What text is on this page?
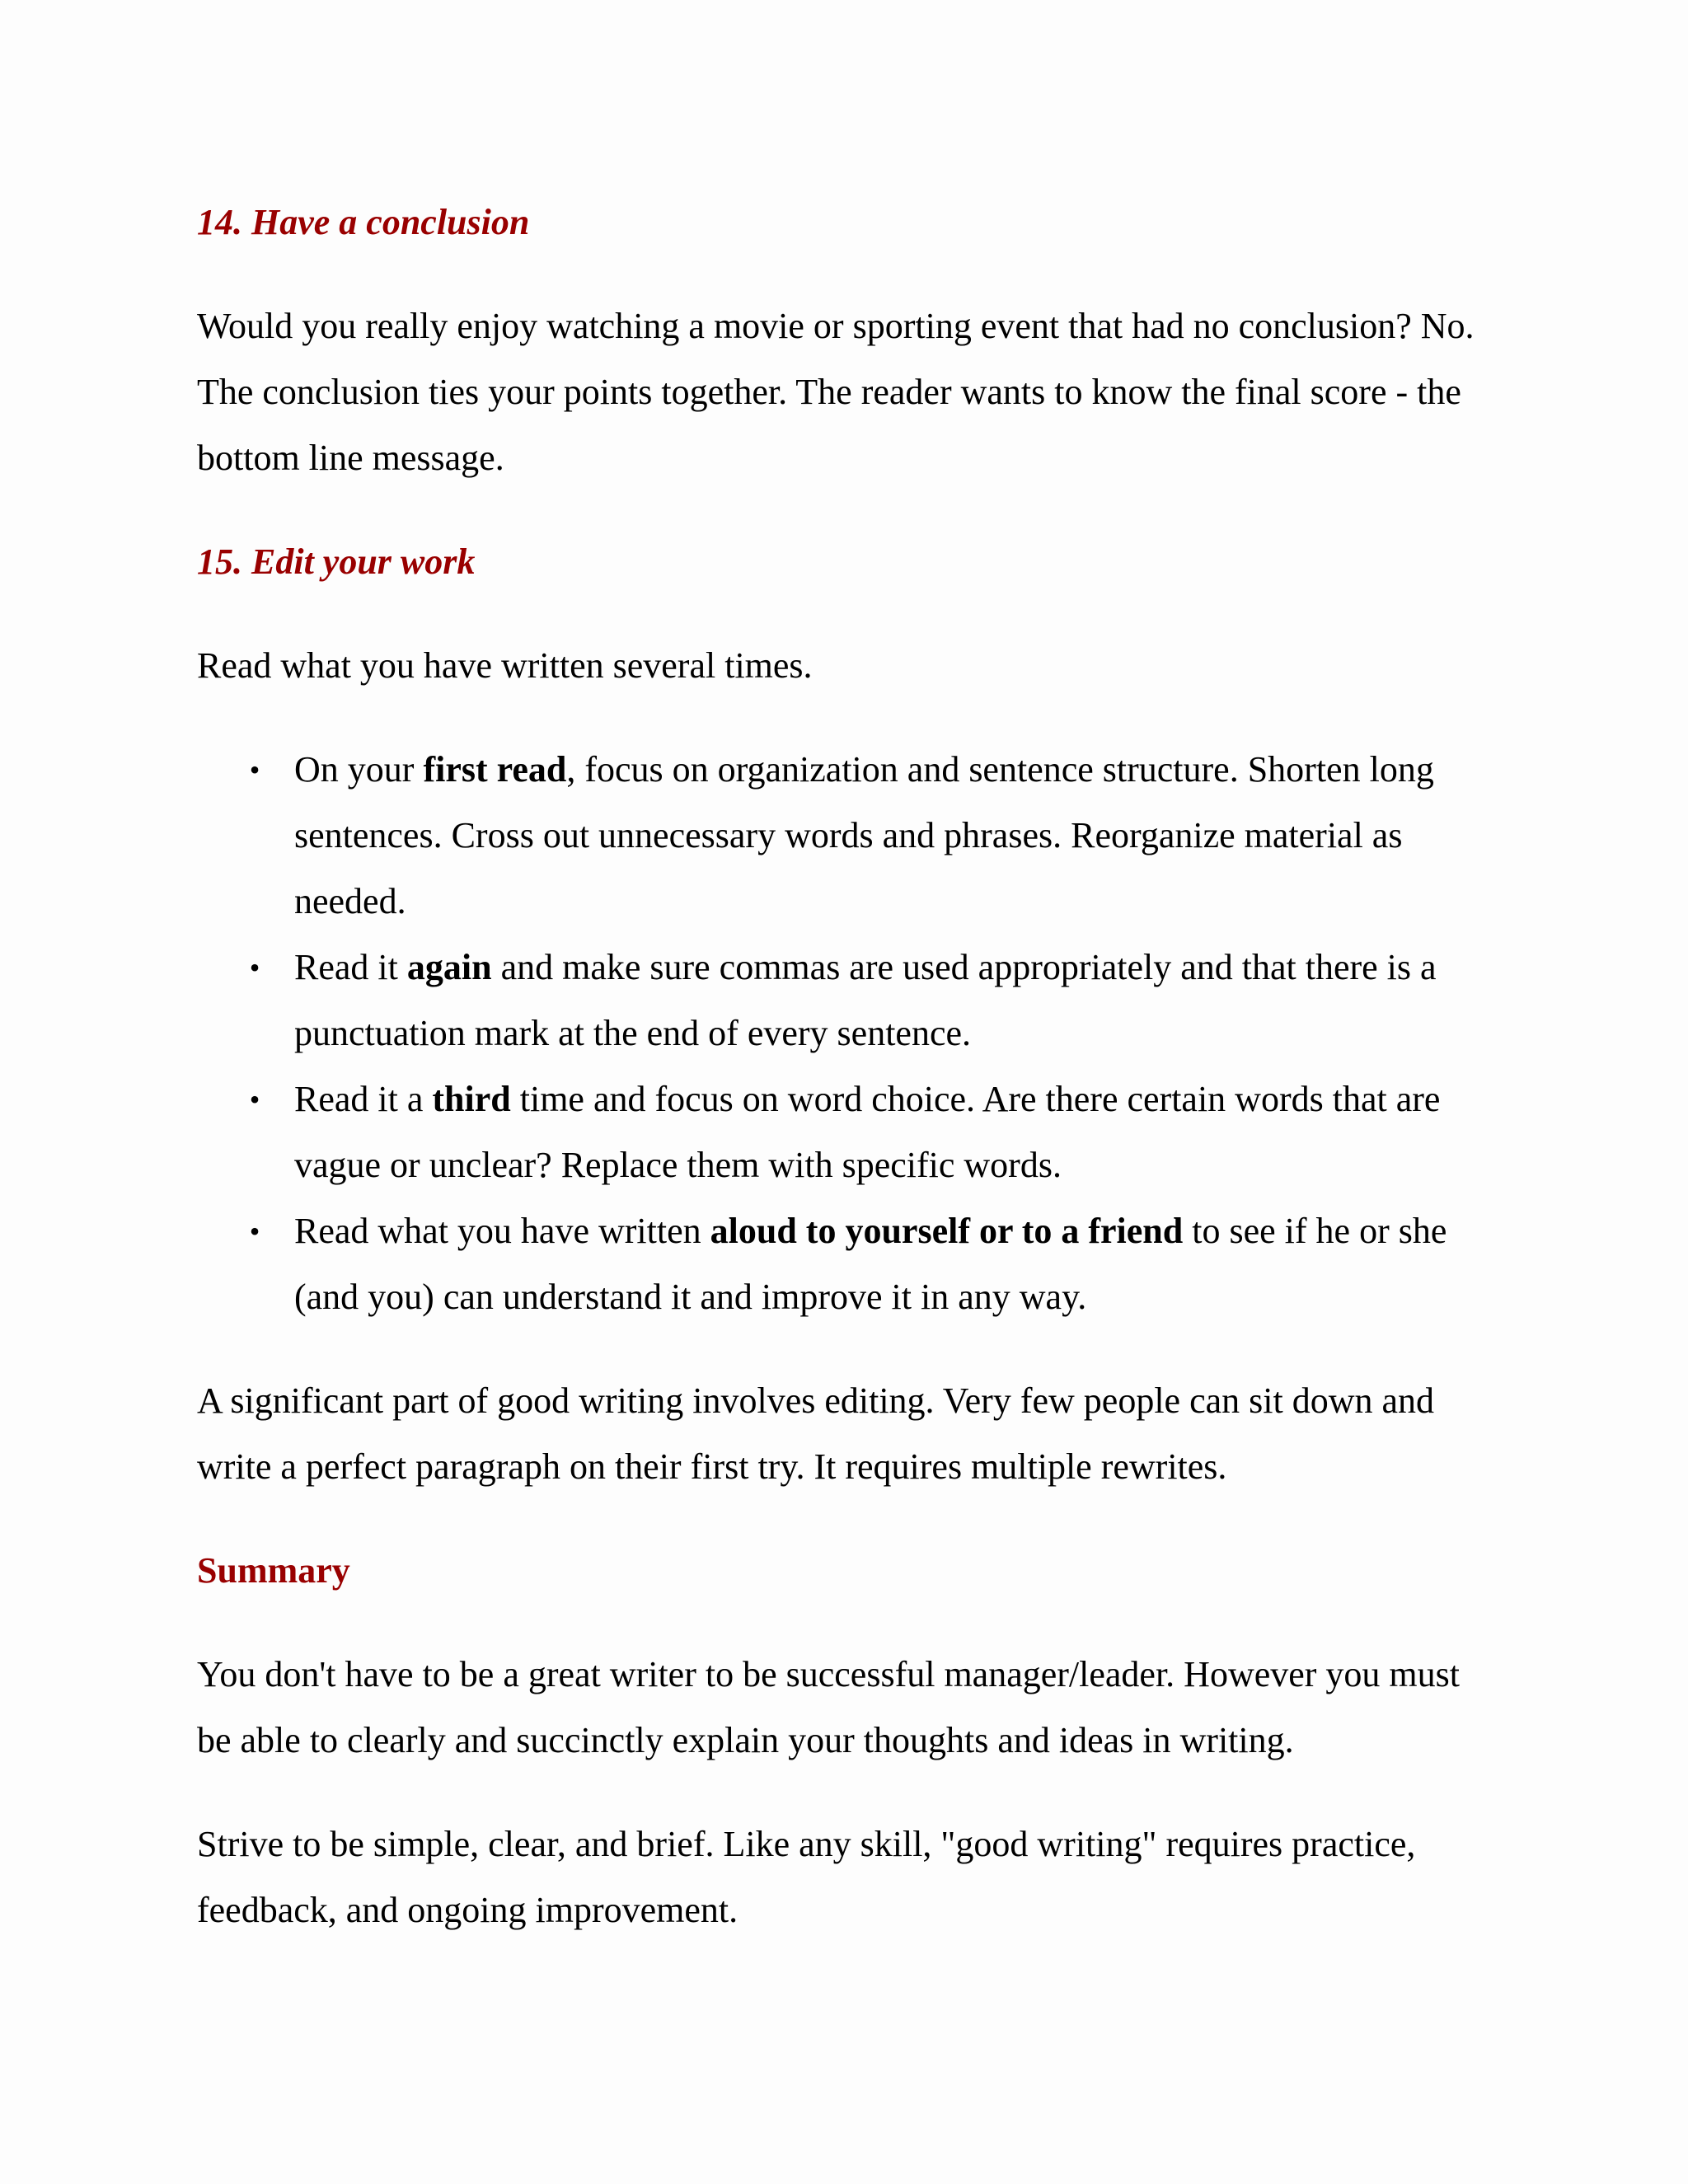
14. Have a conclusion

Would you really enjoy watching a movie or sporting event that had no conclusion? No. The conclusion ties your points together. The reader wants to know the final score - the bottom line message.

15. Edit your work

Read what you have written several times.

• On your first read, focus on organization and sentence structure. Shorten long sentences. Cross out unnecessary words and phrases. Reorganize material as needed.
• Read it again and make sure commas are used appropriately and that there is a punctuation mark at the end of every sentence.
• Read it a third time and focus on word choice. Are there certain words that are vague or unclear? Replace them with specific words.
• Read what you have written aloud to yourself or to a friend to see if he or she (and you) can understand it and improve it in any way.

A significant part of good writing involves editing. Very few people can sit down and write a perfect paragraph on their first try. It requires multiple rewrites.

Summary

You don't have to be a great writer to be successful manager/leader. However you must be able to clearly and succinctly explain your thoughts and ideas in writing.

Strive to be simple, clear, and brief. Like any skill, "good writing" requires practice, feedback, and ongoing improvement.
